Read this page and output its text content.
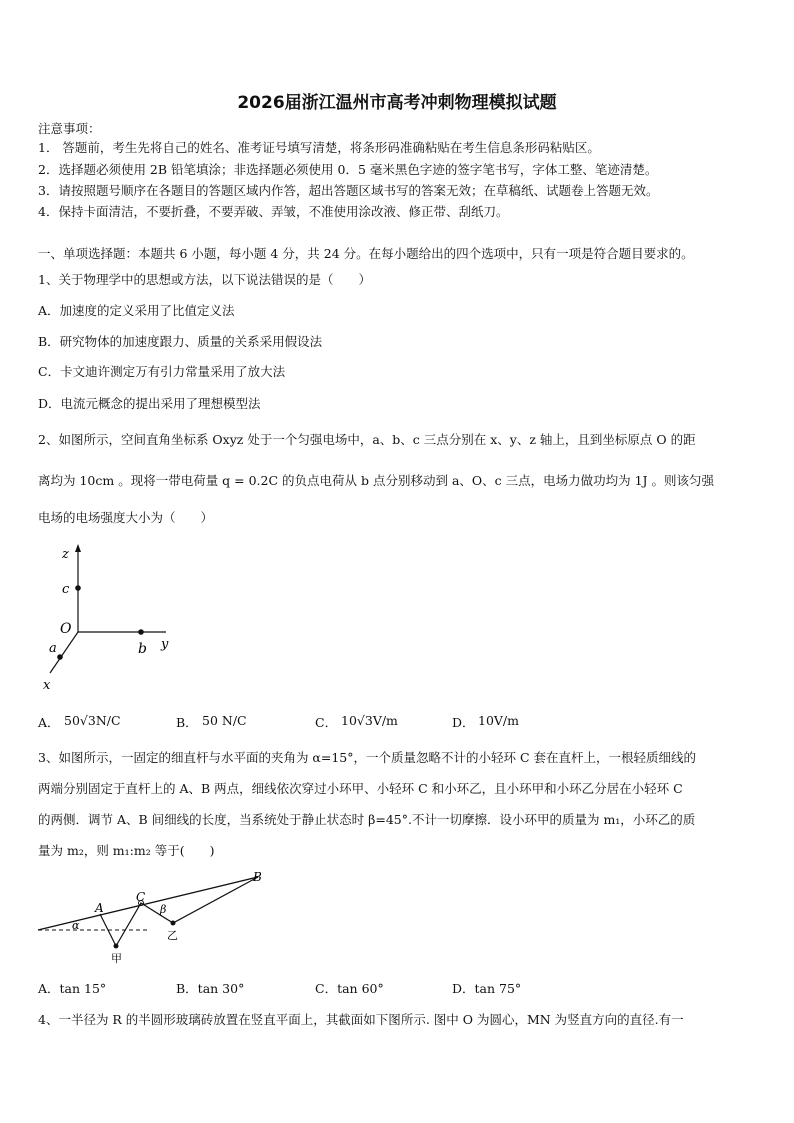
2026届浙江温州市高考冲刺物理模拟试题
注意事项：
1． 答题前，考生先将自己的姓名、准考证号填写清楚，将条形码准确粘贴在考生信息条形码粘贴区。
2．选择题必须使用 2B 铅笔填涂；非选择题必须使用 0．5 毫米黑色字迹的签字笔书写，字体工整、笔迹清楚。
3．请按照题号顺序在各题目的答题区域内作答，超出答题区域书写的答案无效；在草稿纸、试题卷上答题无效。
4．保持卡面清洁，不要折叠，不要弄破、弄皱，不准使用涂改液、修正带、刮纸刀。
一、单项选择题：本题共 6 小题，每小题 4 分，共 24 分。在每小题给出的四个选项中，只有一项是符合题目要求的。
1、关于物理学中的思想或方法，以下说法错误的是（　　）
A．加速度的定义采用了比值定义法
B．研究物体的加速度跟力、质量的关系采用假设法
C．卡文迪许测定万有引力常量采用了放大法
D．电流元概念的提出采用了理想模型法
2、如图所示，空间直角坐标系 Oxyz 处于一个匀强电场中，a、b、c 三点分别在 x、y、z 轴上，且到坐标原点 O 的距
离均为 10cm 。现将一带电荷量 q = 0.2C 的负点电荷从 b 点分别移动到 a、O、c 三点，电场力做功均为 1J 。则该匀强
电场的电场强度大小为（　　）
z
c
O
a	b y
x
A． 50√3N/C	B． 50 N/C	C． 10√3V/m	D． 10V/m
3、如图所示，一固定的细直杆与水平面的夹角为 α=15°，一个质量忽略不计的小轻环 C 套在直杆上，一根轻质细线的
两端分别固定于直杆上的 A、B 两点，细线依次穿过小环甲、小轻环 C 和小环乙，且小环甲和小环乙分居在小轻环 C
的两侧．调节 A、B 间细线的长度，当系统处于静止状态时 β=45°.不计一切摩擦．设小环甲的质量为 m₁，小环乙的质
量为 m₂，则 m₁:m₂ 等于(　　)
A
B
C
α
β
甲
乙
A．tan 15°	B．tan 30°	C．tan 60°	D．tan 75°
4、一半径为 R 的半圆形玻璃砖放置在竖直平面上，其截面如下图所示. 图中 O 为圆心，MN 为竖直方向的直径.有一
